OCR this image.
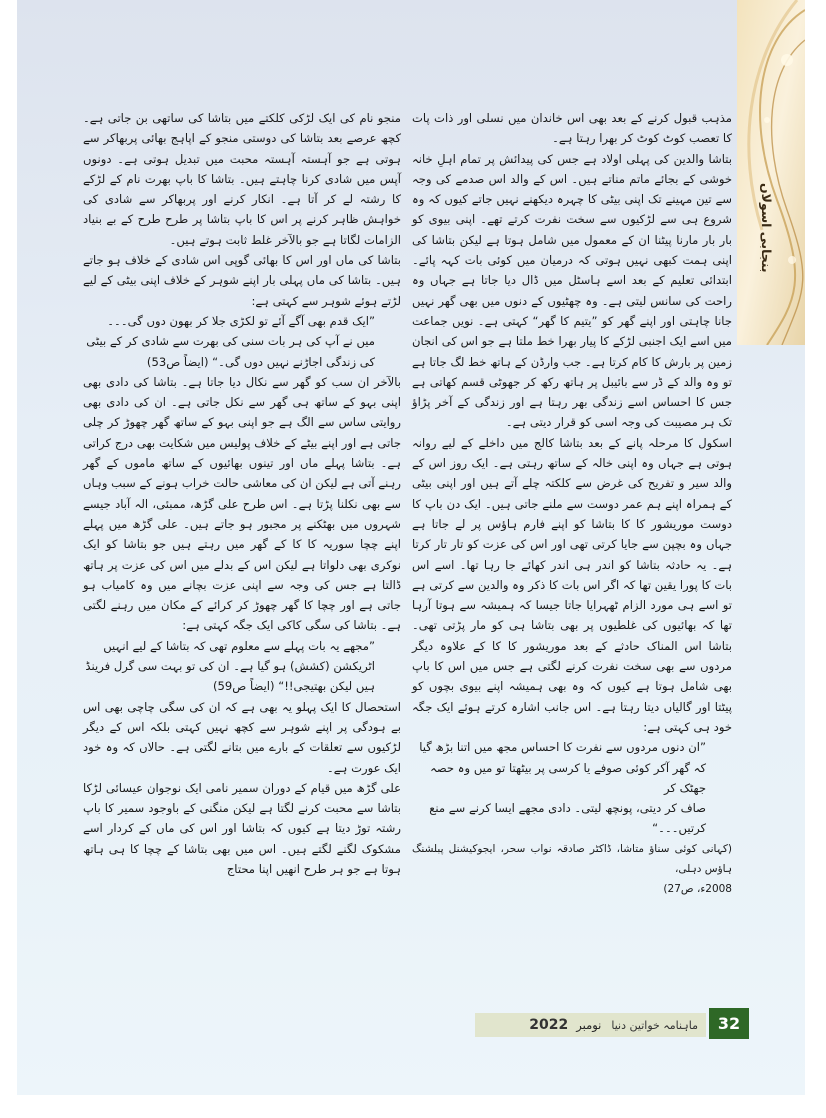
بنجابی اسولاں

مذہب قبول کرنے کے بعد بھی اس خاندان میں نسلی اور ذات پات کا تعصب کوٹ کوٹ کر بھرا رہتا ہے۔

بتاشا والدین کی پہلی اولاد ہے جس کی پیدائش پر تمام اہلِ خانہ خوشی کے بجائے ماتم مناتے ہیں۔ اس کے والد اس صدمے کی وجہ سے تین مہینے تک اپنی بیٹی کا چہرہ دیکھنے نہیں جاتے کیوں کہ وہ شروع ہی سے لڑکیوں سے سخت نفرت کرتے تھے۔ اپنی بیوی کو بار بار مارنا پیٹنا ان کے معمول میں شامل ہوتا ہے لیکن بتاشا کی اپنی ہمت کبھی نہیں ہوتی کہ درمیان میں کوئی بات کہہ پائے۔ ابتدائی تعلیم کے بعد اسے ہاسٹل میں ڈال دیا جاتا ہے جہاں وہ راحت کی سانس لیتی ہے۔ وہ چھٹیوں کے دنوں میں بھی گھر نہیں جانا چاہتی اور اپنے گھر کو ”یتیم کا گھر“ کہتی ہے۔ نویں جماعت میں اسے ایک اجنبی لڑکے کا پیار بھرا خط ملتا ہے جو اس کی انجان زمین پر بارش کا کام کرتا ہے۔ جب وارڈن کے ہاتھ خط لگ جاتا ہے تو وہ والد کے ڈر سے بائیبل پر ہاتھ رکھ کر جھوٹی قسم کھاتی ہے جس کا احساس اسے زندگی بھر رہتا ہے اور زندگی کے آخر پڑاؤ تک ہر مصیبت کی وجہ اسی کو قرار دیتی ہے۔

اسکول کا مرحلہ پانے کے بعد بتاشا کالج میں داخلے کے لیے روانہ ہوتی ہے جہاں وہ اپنی خالہ کے ساتھ رہتی ہے۔ ایک روز اس کے والد سیر و تفریح کی غرض سے کلکتہ چلے آتے ہیں اور اپنی بیٹی کے ہمراہ اپنے ہم عمر دوست سے ملنے جاتی ہیں۔ ایک دن باپ کا دوست موریشور کا کا بتاشا کو اپنے فارم ہاؤس پر لے جاتا ہے جہاں وہ بچپن سے جایا کرتی تھی اور اس کی عزت کو تار تار کرتا ہے۔ یہ حادثہ بتاشا کو اندر ہی اندر کھائے جا رہا تھا۔ اسے اس بات کا پورا یقین تھا کہ اگر اس بات کا ذکر وہ والدین سے کرتی ہے تو اسے ہی مورد الزام ٹھہرایا جاتا جیسا کہ ہمیشہ سے ہوتا آرہا تھا کہ بھائیوں کی غلطیوں پر بھی بتاشا ہی کو مار پڑتی تھی۔ بتاشا اس المناک حادثے کے بعد موریشور کا کا کے علاوہ دیگر مردوں سے بھی سخت نفرت کرنے لگتی ہے جس میں اس کا باپ بھی شامل ہوتا ہے کیوں کہ وہ بھی ہمیشہ اپنے بیوی بچوں کو پیٹتا اور گالیاں دیتا رہتا ہے۔ اس جانب اشارہ کرتے ہوئے ایک جگہ خود ہی کہتی ہے:

”ان دنوں مردوں سے نفرت کا احساس مجھ میں اتنا بڑھ گیا

کہ گھر آکر کوئی صوفے یا کرسی پر بیٹھتا تو میں وہ حصہ جھٹک کر

صاف کر دیتی، پونچھ لیتی۔ دادی مجھے ایسا کرنے سے منع

کرتیں۔۔۔“

(کہانی کوئی سناؤ متاشا، ڈاکٹر صادقہ نواب سحر، ایجوکیشنل پبلشنگ ہاؤس دہلی،

2008ء، ص27)

منجو نام کی ایک لڑکی کلکتے میں بتاشا کی ساتھی بن جاتی ہے۔ کچھ عرصے بعد بتاشا کی دوستی منجو کے اپاہج بھائی پربھاکر سے ہوتی ہے جو آہستہ آہستہ محبت میں تبدیل ہوتی ہے۔ دونوں آپس میں شادی کرنا چاہتے ہیں۔ بتاشا کا باپ بھرت نام کے لڑکے کا رشتہ لے کر آتا ہے۔ انکار کرنے اور پربھاکر سے شادی کی خواہش ظاہر کرنے پر اس کا باپ بتاشا پر طرح طرح کے بے بنیاد الزامات لگاتا ہے جو بالآخر غلط ثابت ہوتے ہیں۔

بتاشا کی ماں اور اس کا بھائی گوپی اس شادی کے خلاف ہو جاتے ہیں۔ بتاشا کی ماں پہلی بار اپنے شوہر کے خلاف اپنی بیٹی کے لیے لڑتے ہوئے شوہر سے کہتی ہے:

”ایک قدم بھی آگے آئے تو لکڑی جلا کر بھون دوں گی۔۔۔

میں نے آپ کی ہر بات سنی کی بھرت سے شادی کر کے بیٹی

کی زندگی اجاڑنے نہیں دوں گی۔“ (ایضاً ص53)

بالآخر ان سب کو گھر سے نکال دیا جاتا ہے۔ بتاشا کی دادی بھی اپنی بہو کے ساتھ ہی گھر سے نکل جاتی ہے۔ ان کی دادی بھی روایتی ساس سے الگ ہے جو اپنی بہو کے ساتھ گھر چھوڑ کر چلی جاتی ہے اور اپنے بیٹے کے خلاف پولیس میں شکایت بھی درج کراتی ہے۔ بتاشا پہلے ماں اور تینوں بھائیوں کے ساتھ ماموں کے گھر رہنے آتی ہے لیکن ان کی معاشی حالت خراب ہونے کے سبب وہاں سے بھی نکلنا پڑتا ہے۔ اس طرح علی گڑھ، ممبئی، الہ آباد جیسے شہروں میں بھٹکنے پر مجبور ہو جاتے ہیں۔ علی گڑھ میں پہلے اپنے چچا سوریہ کا کا کے گھر میں رہتے ہیں جو بتاشا کو ایک نوکری بھی دلواتا ہے لیکن اس کے بدلے میں اس کی عزت پر ہاتھ ڈالتا ہے جس کی وجہ سے اپنی عزت بچانے میں وہ کامیاب ہو جاتی ہے اور چچا کا گھر چھوڑ کر کرائے کے مکان میں رہنے لگتی ہے۔ بتاشا کی سگی کاکی ایک جگہ کہتی ہے:

”مجھے یہ بات پہلے سے معلوم تھی کہ بتاشا کے لیے انہیں

اٹریکشن (کشش) ہو گیا ہے۔ ان کی تو بہت سی گرل فرینڈ

ہیں لیکن بھتیجی!!“ (ایضاً ص59)

استحصال کا ایک پہلو یہ بھی ہے کہ ان کی سگی چاچی بھی اس بے ہودگی پر اپنے شوہر سے کچھ نہیں کہتی بلکہ اس کے دیگر لڑکیوں سے تعلقات کے بارے میں بتانے لگتی ہے۔ حالاں کہ وہ خود ایک عورت ہے۔

علی گڑھ میں قیام کے دوران سمیر نامی ایک نوجوان عیسائی لڑکا بتاشا سے محبت کرنے لگتا ہے لیکن منگنی کے باوجود سمیر کا باپ رشتہ توڑ دیتا ہے کیوں کہ بتاشا اور اس کی ماں کے کردار اسے مشکوک لگنے لگتے ہیں۔ اس میں بھی بتاشا کے چچا کا ہی ہاتھ ہوتا ہے جو ہر طرح انھیں اپنا محتاج

ماہنامہ خواتین دنیا
نومبر
2022	32
